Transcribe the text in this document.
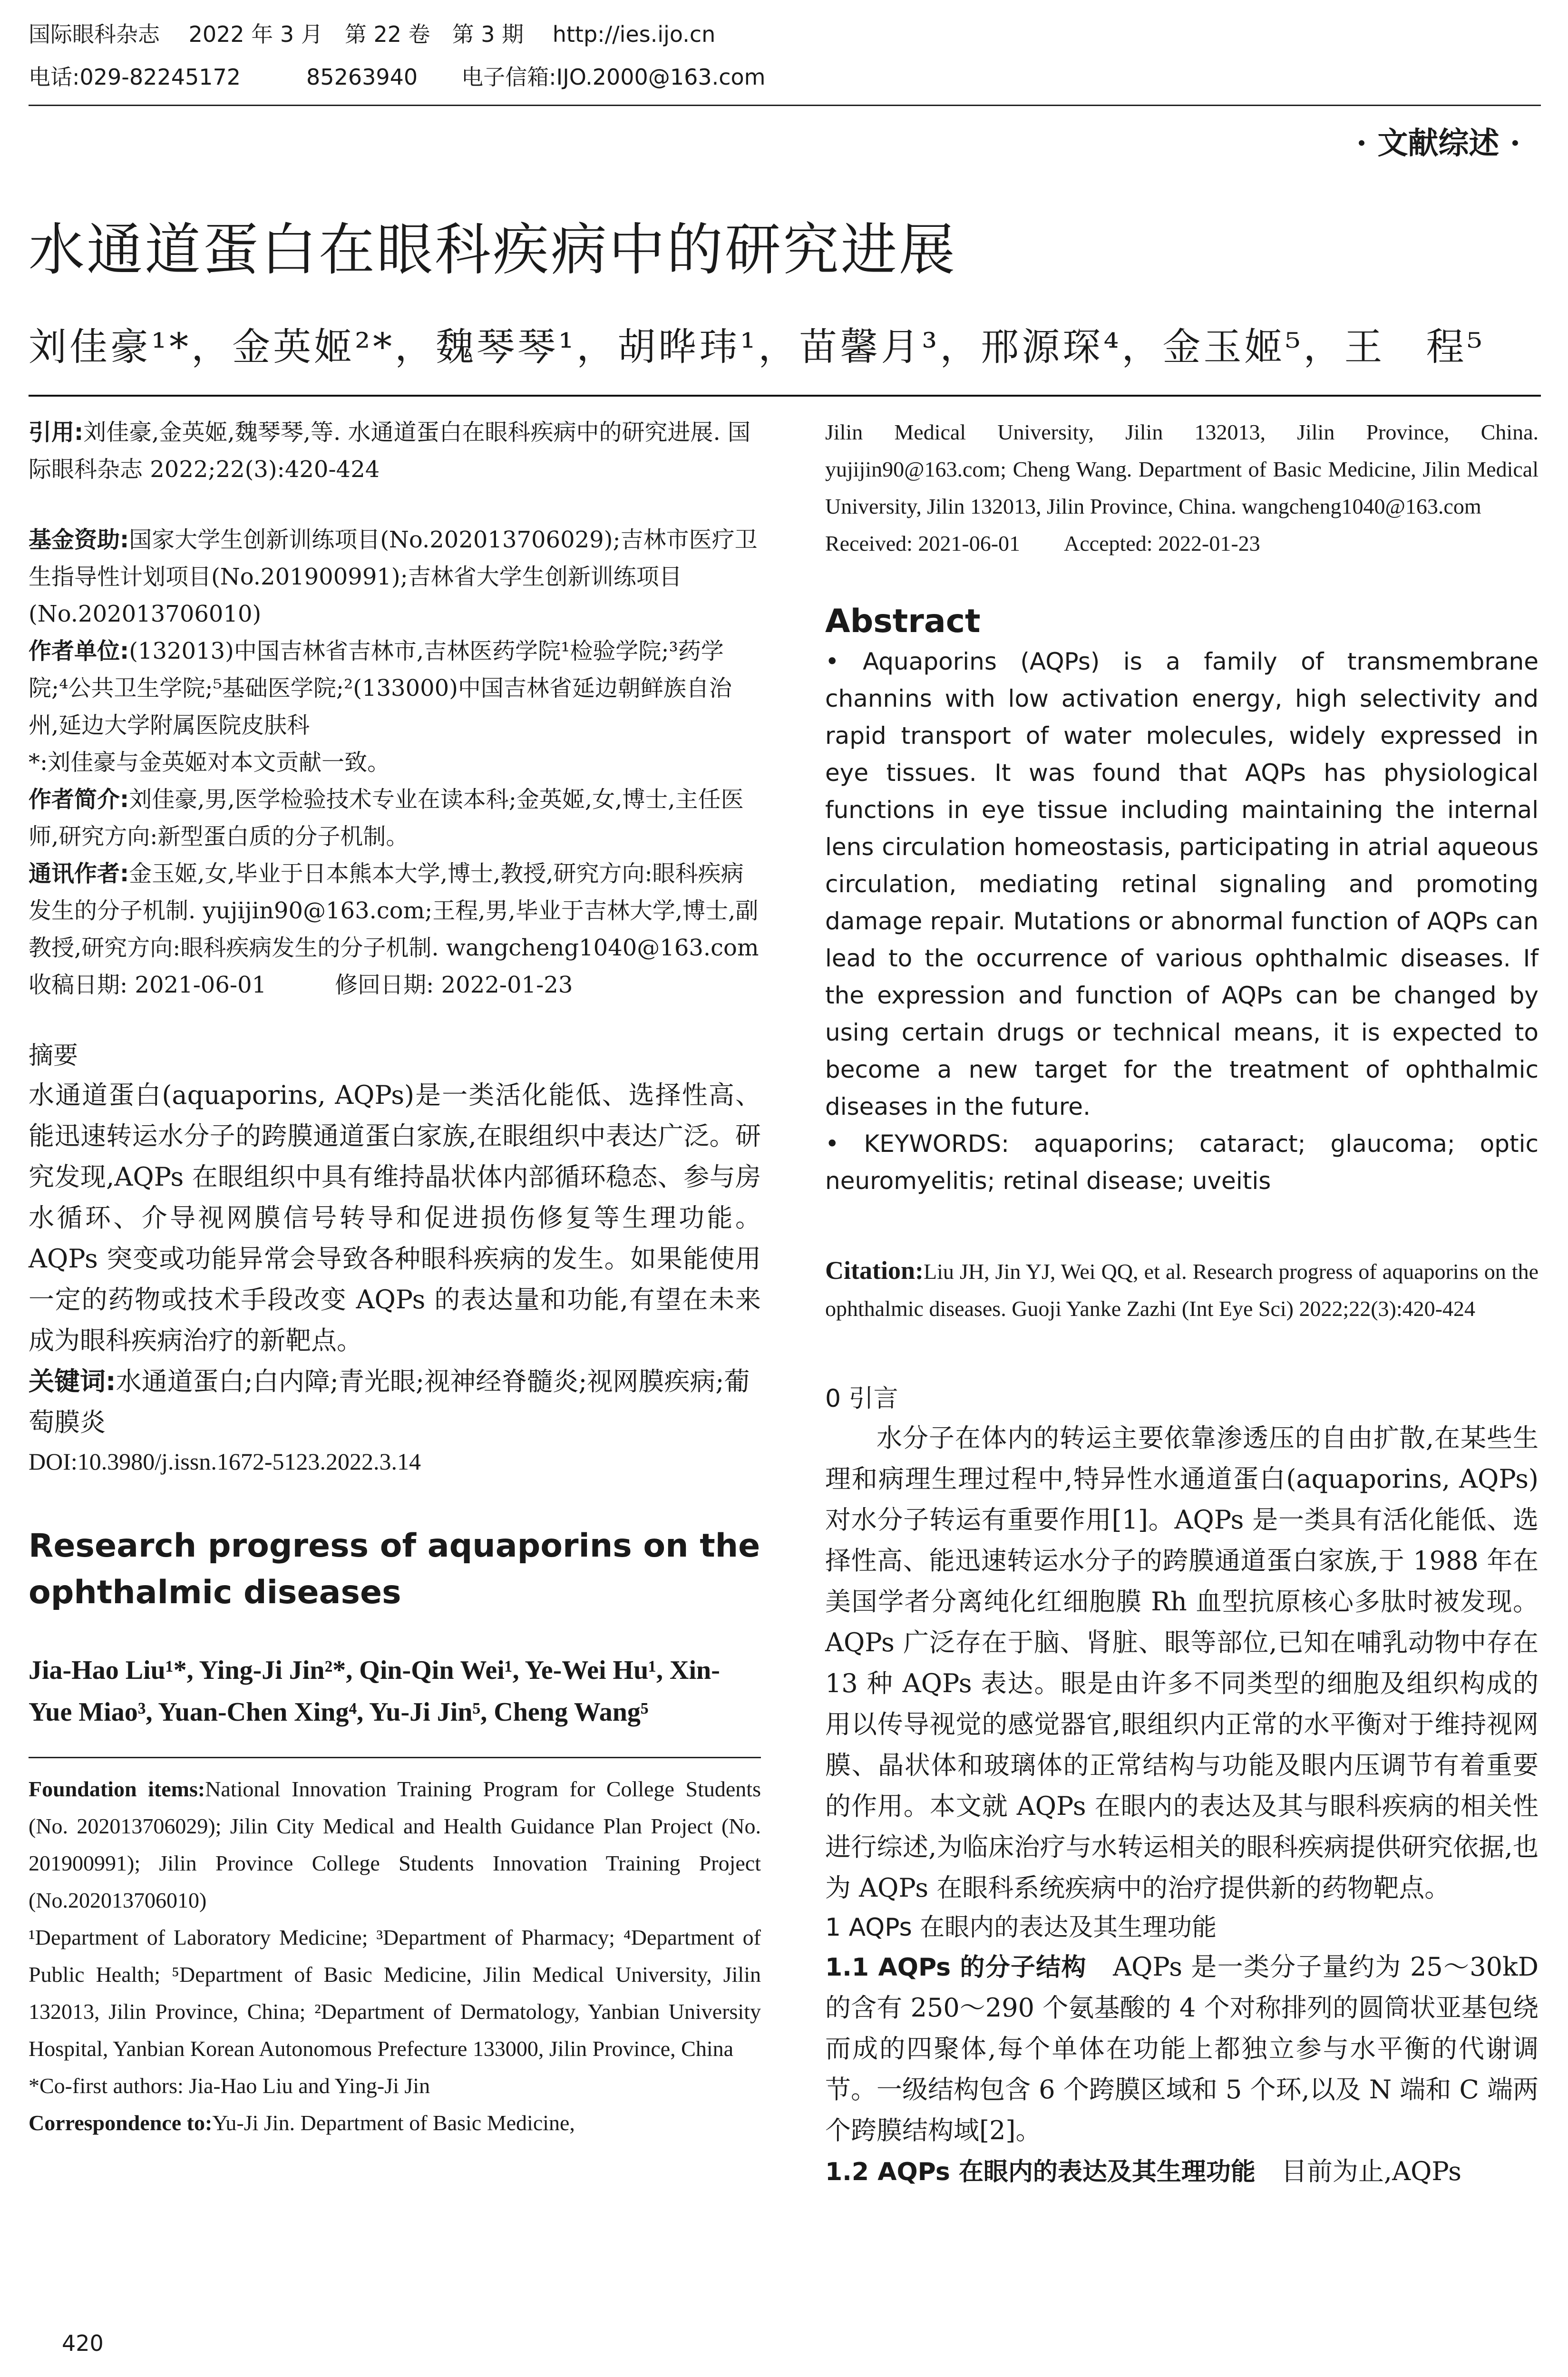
国际眼科杂志　 2022 年 3 月　第 22 卷　第 3 期　 http://ies.ijo.cn
电话:029-82245172　　　85263940　　电子信箱:IJO.2000@163.com
· 文献综述 ·
水通道蛋白在眼科疾病中的研究进展
刘佳豪¹*，金英姬²*，魏琴琴¹，胡晔玮¹，苗馨月³，邢源琛⁴，金玉姬⁵，王　程⁵

引用:刘佳豪,金英姬,魏琴琴,等. 水通道蛋白在眼科疾病中的研究进展. 国际眼科杂志 2022;22(3):420-424

基金资助:国家大学生创新训练项目(No.202013706029);吉林市医疗卫生指导性计划项目(No.201900991);吉林省大学生创新训练项目(No.202013706010)

作者单位:(132013)中国吉林省吉林市,吉林医药学院¹检验学院;³药学院;⁴公共卫生学院;⁵基础医学院;²(133000)中国吉林省延边朝鲜族自治州,延边大学附属医院皮肤科

*:刘佳豪与金英姬对本文贡献一致。

作者简介:刘佳豪,男,医学检验技术专业在读本科;金英姬,女,博士,主任医师,研究方向:新型蛋白质的分子机制。

通讯作者:金玉姬,女,毕业于日本熊本大学,博士,教授,研究方向:眼科疾病发生的分子机制. yujijin90@163.com;王程,男,毕业于吉林大学,博士,副教授,研究方向:眼科疾病发生的分子机制. wangcheng1040@163.com

收稿日期: 2021-06-01　　　修回日期: 2022-01-23

摘要

水通道蛋白(aquaporins, AQPs)是一类活化能低、选择性高、能迅速转运水分子的跨膜通道蛋白家族,在眼组织中表达广泛。研究发现,AQPs 在眼组织中具有维持晶状体内部循环稳态、参与房水循环、介导视网膜信号转导和促进损伤修复等生理功能。AQPs 突变或功能异常会导致各种眼科疾病的发生。如果能使用一定的药物或技术手段改变 AQPs 的表达量和功能,有望在未来成为眼科疾病治疗的新靶点。

关键词:水通道蛋白;白内障;青光眼;视神经脊髓炎;视网膜疾病;葡萄膜炎

DOI:10.3980/j.issn.1672-5123.2022.3.14

Research progress of aquaporins on the ophthalmic diseases

Jia-Hao Liu¹*, Ying-Ji Jin²*, Qin-Qin Wei¹, Ye-Wei Hu¹, Xin-Yue Miao³, Yuan-Chen Xing⁴, Yu-Ji Jin⁵, Cheng Wang⁵

Foundation items:National Innovation Training Program for College Students (No. 202013706029); Jilin City Medical and Health Guidance Plan Project (No. 201900991); Jilin Province College Students Innovation Training Project (No.202013706010)

¹Department of Laboratory Medicine; ³Department of Pharmacy; ⁴Department of Public Health; ⁵Department of Basic Medicine, Jilin Medical University, Jilin 132013, Jilin Province, China; ²Department of Dermatology, Yanbian University Hospital, Yanbian Korean Autonomous Prefecture 133000, Jilin Province, China

*Co-first authors: Jia-Hao Liu and Ying-Ji Jin

Correspondence to:Yu-Ji Jin. Department of Basic Medicine,

Jilin Medical University, Jilin 132013, Jilin Province, China. yujijin90@163.com; Cheng Wang. Department of Basic Medicine, Jilin Medical University, Jilin 132013, Jilin Province, China. wangcheng1040@163.com

Received: 2021-06-01　　Accepted: 2022-01-23

Abstract

• Aquaporins (AQPs) is a family of transmembrane channins with low activation energy, high selectivity and rapid transport of water molecules, widely expressed in eye tissues. It was found that AQPs has physiological functions in eye tissue including maintaining the internal lens circulation homeostasis, participating in atrial aqueous circulation, mediating retinal signaling and promoting damage repair. Mutations or abnormal function of AQPs can lead to the occurrence of various ophthalmic diseases. If the expression and function of AQPs can be changed by using certain drugs or technical means, it is expected to become a new target for the treatment of ophthalmic diseases in the future.

• KEYWORDS: aquaporins; cataract; glaucoma; optic neuromyelitis; retinal disease; uveitis

Citation:Liu JH, Jin YJ, Wei QQ, et al. Research progress of aquaporins on the ophthalmic diseases. Guoji Yanke Zazhi (Int Eye Sci) 2022;22(3):420-424

0 引言

水分子在体内的转运主要依靠渗透压的自由扩散,在某些生理和病理生理过程中,特异性水通道蛋白(aquaporins, AQPs)对水分子转运有重要作用[1]。AQPs 是一类具有活化能低、选择性高、能迅速转运水分子的跨膜通道蛋白家族,于 1988 年在美国学者分离纯化红细胞膜 Rh 血型抗原核心多肽时被发现。AQPs 广泛存在于脑、肾脏、眼等部位,已知在哺乳动物中存在 13 种 AQPs 表达。眼是由许多不同类型的细胞及组织构成的用以传导视觉的感觉器官,眼组织内正常的水平衡对于维持视网膜、晶状体和玻璃体的正常结构与功能及眼内压调节有着重要的作用。本文就 AQPs 在眼内的表达及其与眼科疾病的相关性进行综述,为临床治疗与水转运相关的眼科疾病提供研究依据,也为 AQPs 在眼科系统疾病中的治疗提供新的药物靶点。

1 AQPs 在眼内的表达及其生理功能

1.1 AQPs 的分子结构　 AQPs 是一类分子量约为 25～30kD 的含有 250～290 个氨基酸的 4 个对称排列的圆筒状亚基包绕而成的四聚体,每个单体在功能上都独立参与水平衡的代谢调节。一级结构包含 6 个跨膜区域和 5 个环,以及 N 端和 C 端两个跨膜结构域[2]。

1.2 AQPs 在眼内的表达及其生理功能　 目前为止,AQPs

420
